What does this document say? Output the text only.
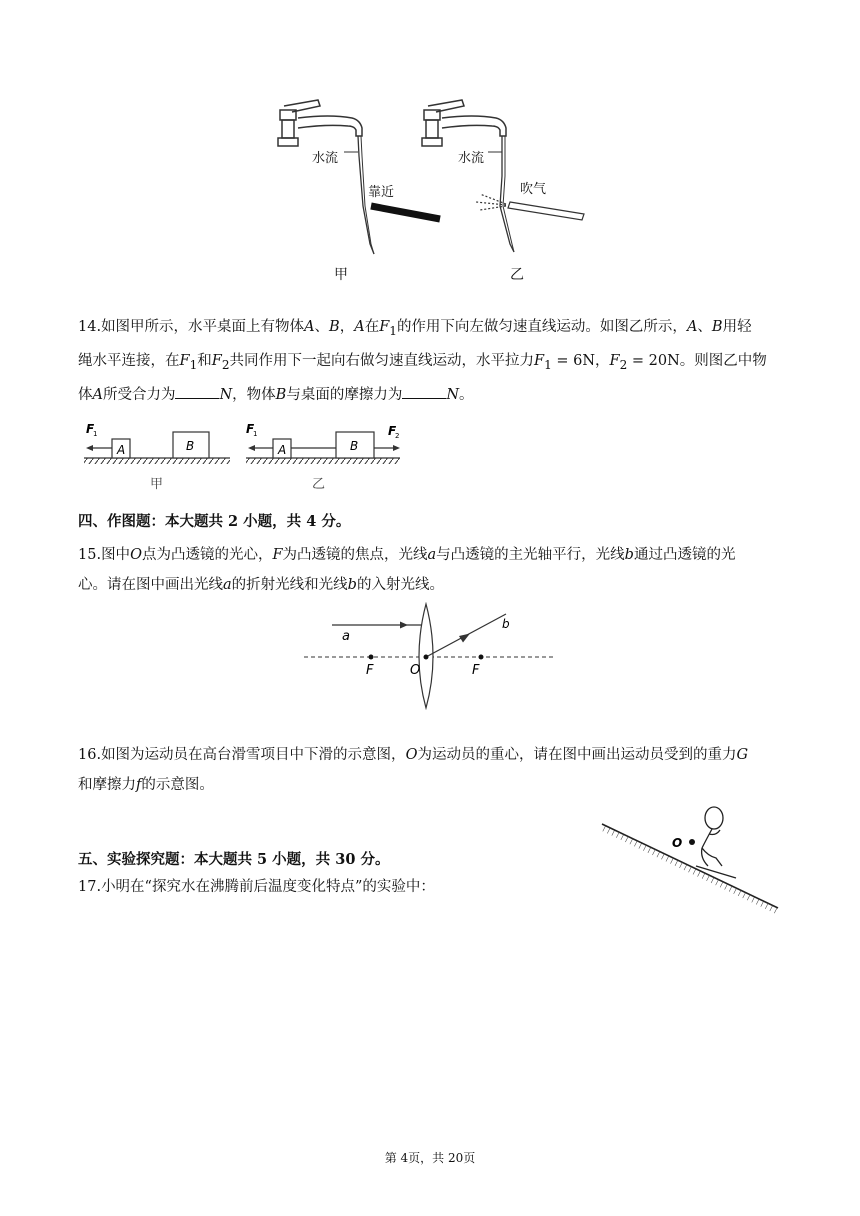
水流
靠近
甲
水流
吹气
乙
14.如图甲所示，水平桌面上有物体A、B，A在$F_1$的作用下向左做匀速直线运动。如图乙所示，A、B用轻
绳水平连接，在$F_1$和$F_2$共同作用下一起向右做匀速直线运动，水平拉力$F_1 = 6N$，$F_2 = 20N$。则图乙中物
体A所受合力为	N，物体B与桌面的摩擦力为	N。
F
1
A	B
甲
F
1
A	B
F
2
乙
四、作图题：本大题共 2 小题，共 4 分。
15.图中O点为凸透镜的光心，F为凸透镜的焦点，光线a与凸透镜的主光轴平行，光线b通过凸透镜的光
心。请在图中画出光线a的折射光线和光线b的入射光线。
a
b
F	O	F
16.如图为运动员在高台滑雪项目中下滑的示意图，O为运动员的重心，请在图中画出运动员受到的重力G
和摩擦力f的示意图。
O
五、实验探究题：本大题共 5 小题，共 30 分。
17.小明在“探究水在沸腾前后温度变化特点”的实验中：
第 4页，共 20页
